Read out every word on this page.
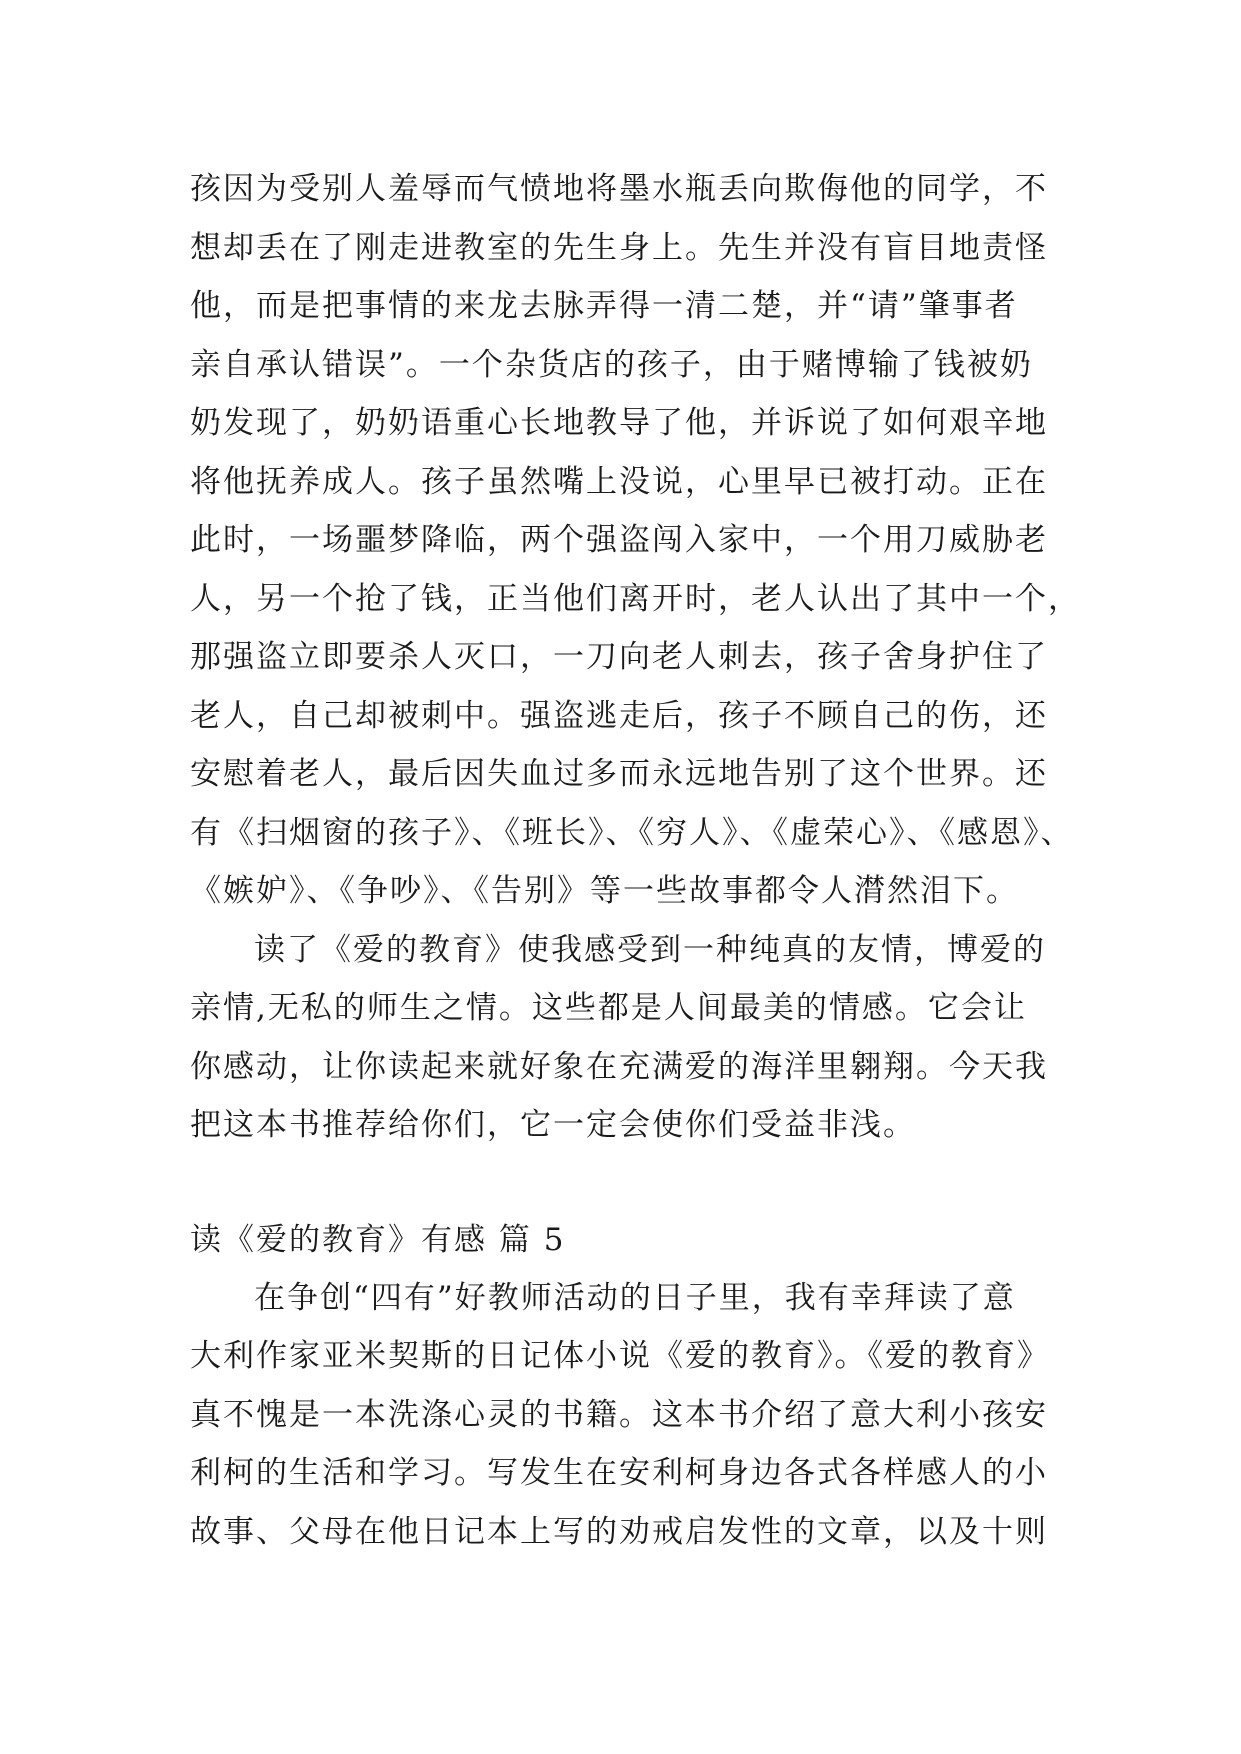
孩因为受别人羞辱而气愤地将墨水瓶丢向欺侮他的同学，不
想却丢在了刚走进教室的先生身上。先生并没有盲目地责怪
他，而是把事情的来龙去脉弄得一清二楚，并“请”肇事者
亲自承认错误”。一个杂货店的孩子，由于赌博输了钱被奶
奶发现了，奶奶语重心长地教导了他，并诉说了如何艰辛地
将他抚养成人。孩子虽然嘴上没说，心里早已被打动。正在
此时，一场噩梦降临，两个强盗闯入家中，一个用刀威胁老
人，另一个抢了钱，正当他们离开时，老人认出了其中一个，
那强盗立即要杀人灭口，一刀向老人刺去，孩子舍身护住了
老人，自己却被刺中。强盗逃走后，孩子不顾自己的伤，还
安慰着老人，最后因失血过多而永远地告别了这个世界。还
有《扫烟窗的孩子》、《班长》、《穷人》、《虚荣心》、《感恩》、
《嫉妒》、《争吵》、《告别》等一些故事都令人潸然泪下。
读了《爱的教育》使我感受到一种纯真的友情，博爱的
亲情,无私的师生之情。这些都是人间最美的情感。它会让
你感动，让你读起来就好象在充满爱的海洋里翱翔。今天我
把这本书推荐给你们，它一定会使你们受益非浅。
读《爱的教育》有感 篇 5
在争创“四有”好教师活动的日子里，我有幸拜读了意
大利作家亚米契斯的日记体小说《爱的教育》。《爱的教育》
真不愧是一本洗涤心灵的书籍。这本书介绍了意大利小孩安
利柯的生活和学习。写发生在安利柯身边各式各样感人的小
故事、父母在他日记本上写的劝戒启发性的文章，以及十则
